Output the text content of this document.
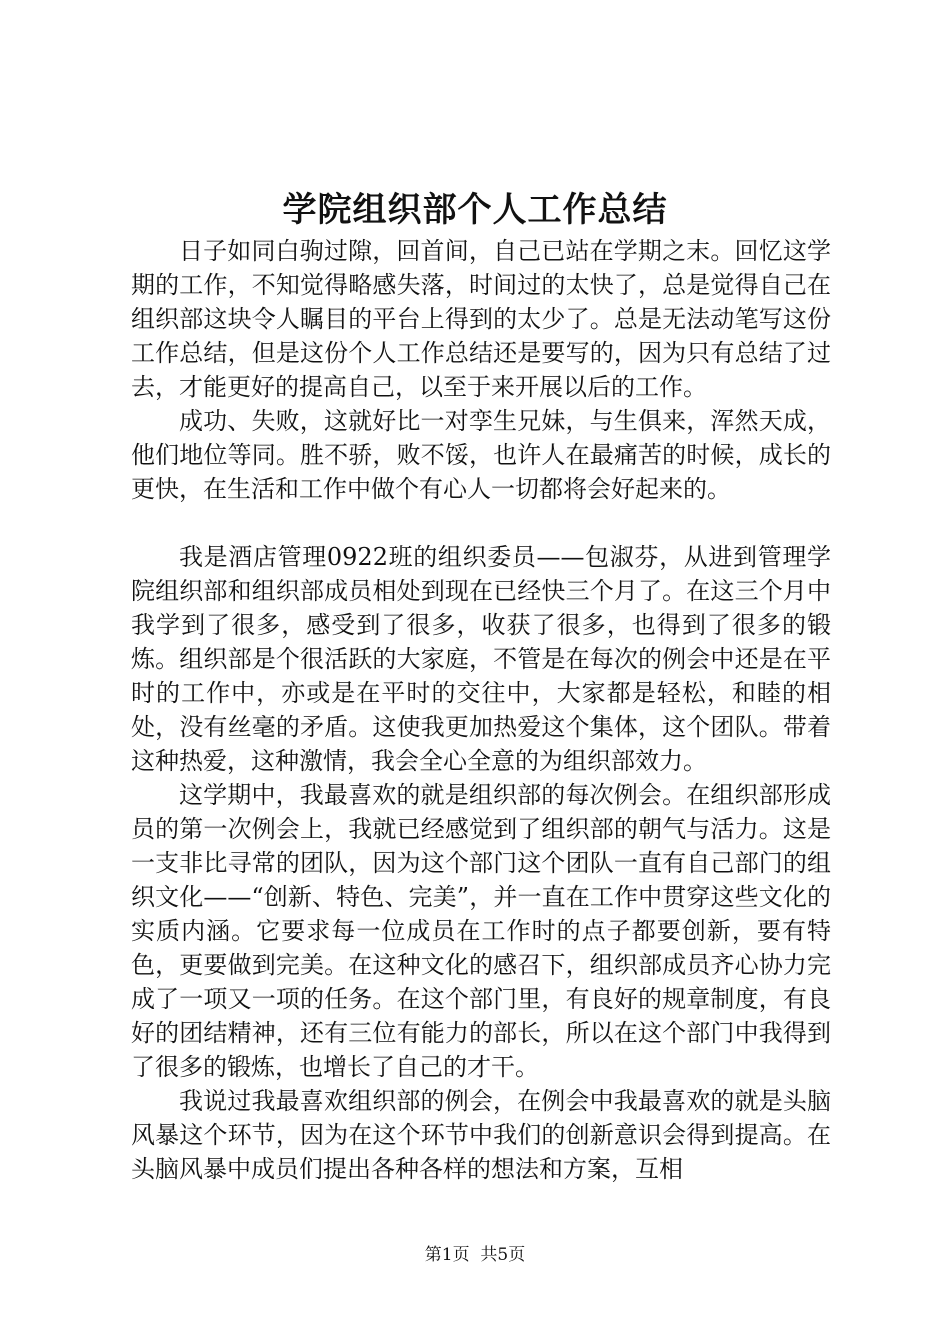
学院组织部个人工作总结

日子如同白驹过隙，回首间，自己已站在学期之末。回忆这学期的工作，不知觉得略感失落，时间过的太快了，总是觉得自己在组织部这块令人瞩目的平台上得到的太少了。总是无法动笔写这份工作总结，但是这份个人工作总结还是要写的，因为只有总结了过去，才能更好的提高自己，以至于来开展以后的工作。

成功、失败，这就好比一对孪生兄妹，与生俱来，浑然天成，他们地位等同。胜不骄，败不馁，也许人在最痛苦的时候，成长的更快，在生活和工作中做个有心人一切都将会好起来的。

我是酒店管理0922班的组织委员——包淑芬，从进到管理学院组织部和组织部成员相处到现在已经快三个月了。在这三个月中我学到了很多，感受到了很多，收获了很多，也得到了很多的锻炼。组织部是个很活跃的大家庭，不管是在每次的例会中还是在平时的工作中，亦或是在平时的交往中，大家都是轻松，和睦的相处，没有丝毫的矛盾。这使我更加热爱这个集体，这个团队。带着这种热爱，这种激情，我会全心全意的为组织部效力。

这学期中，我最喜欢的就是组织部的每次例会。在组织部形成员的第一次例会上，我就已经感觉到了组织部的朝气与活力。这是一支非比寻常的团队，因为这个部门这个团队一直有自己部门的组织文化——“创新、特色、完美”，并一直在工作中贯穿这些文化的实质内涵。它要求每一位成员在工作时的点子都要创新，要有特色，更要做到完美。在这种文化的感召下，组织部成员齐心协力完成了一项又一项的任务。在这个部门里，有良好的规章制度，有良好的团结精神，还有三位有能力的部长，所以在这个部门中我得到了很多的锻炼，也增长了自己的才干。

我说过我最喜欢组织部的例会，在例会中我最喜欢的就是头脑风暴这个环节，因为在这个环节中我们的创新意识会得到提高。在头脑风暴中成员们提出各种各样的想法和方案，互相

第1页 共5页
